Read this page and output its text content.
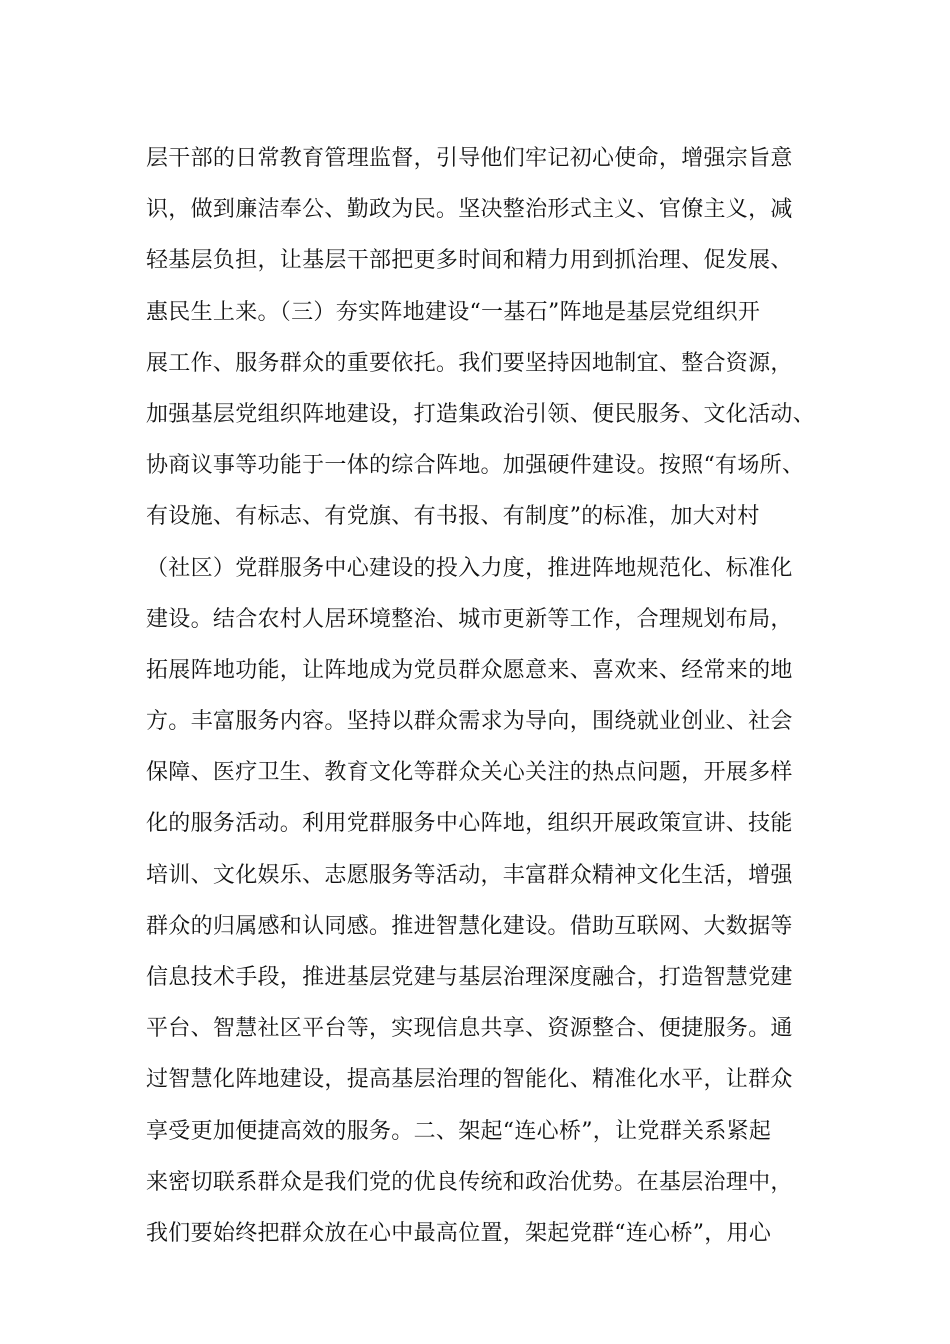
层干部的日常教育管理监督，引导他们牢记初心使命，增强宗旨意
识，做到廉洁奉公、勤政为民。坚决整治形式主义、官僚主义，减
轻基层负担，让基层干部把更多时间和精力用到抓治理、促发展、
惠民生上来。（三）夯实阵地建设“一基石”阵地是基层党组织开
展工作、服务群众的重要依托。我们要坚持因地制宜、整合资源，
加强基层党组织阵地建设，打造集政治引领、便民服务、文化活动、
协商议事等功能于一体的综合阵地。加强硬件建设。按照“有场所、
有设施、有标志、有党旗、有书报、有制度”的标准，加大对村
（社区）党群服务中心建设的投入力度，推进阵地规范化、标准化
建设。结合农村人居环境整治、城市更新等工作，合理规划布局，
拓展阵地功能，让阵地成为党员群众愿意来、喜欢来、经常来的地
方。丰富服务内容。坚持以群众需求为导向，围绕就业创业、社会
保障、医疗卫生、教育文化等群众关心关注的热点问题，开展多样
化的服务活动。利用党群服务中心阵地，组织开展政策宣讲、技能
培训、文化娱乐、志愿服务等活动，丰富群众精神文化生活，增强
群众的归属感和认同感。推进智慧化建设。借助互联网、大数据等
信息技术手段，推进基层党建与基层治理深度融合，打造智慧党建
平台、智慧社区平台等，实现信息共享、资源整合、便捷服务。通
过智慧化阵地建设，提高基层治理的智能化、精准化水平，让群众
享受更加便捷高效的服务。二、架起“连心桥”，让党群关系紧起
来密切联系群众是我们党的优良传统和政治优势。在基层治理中，
我们要始终把群众放在心中最高位置，架起党群“连心桥”，用心
